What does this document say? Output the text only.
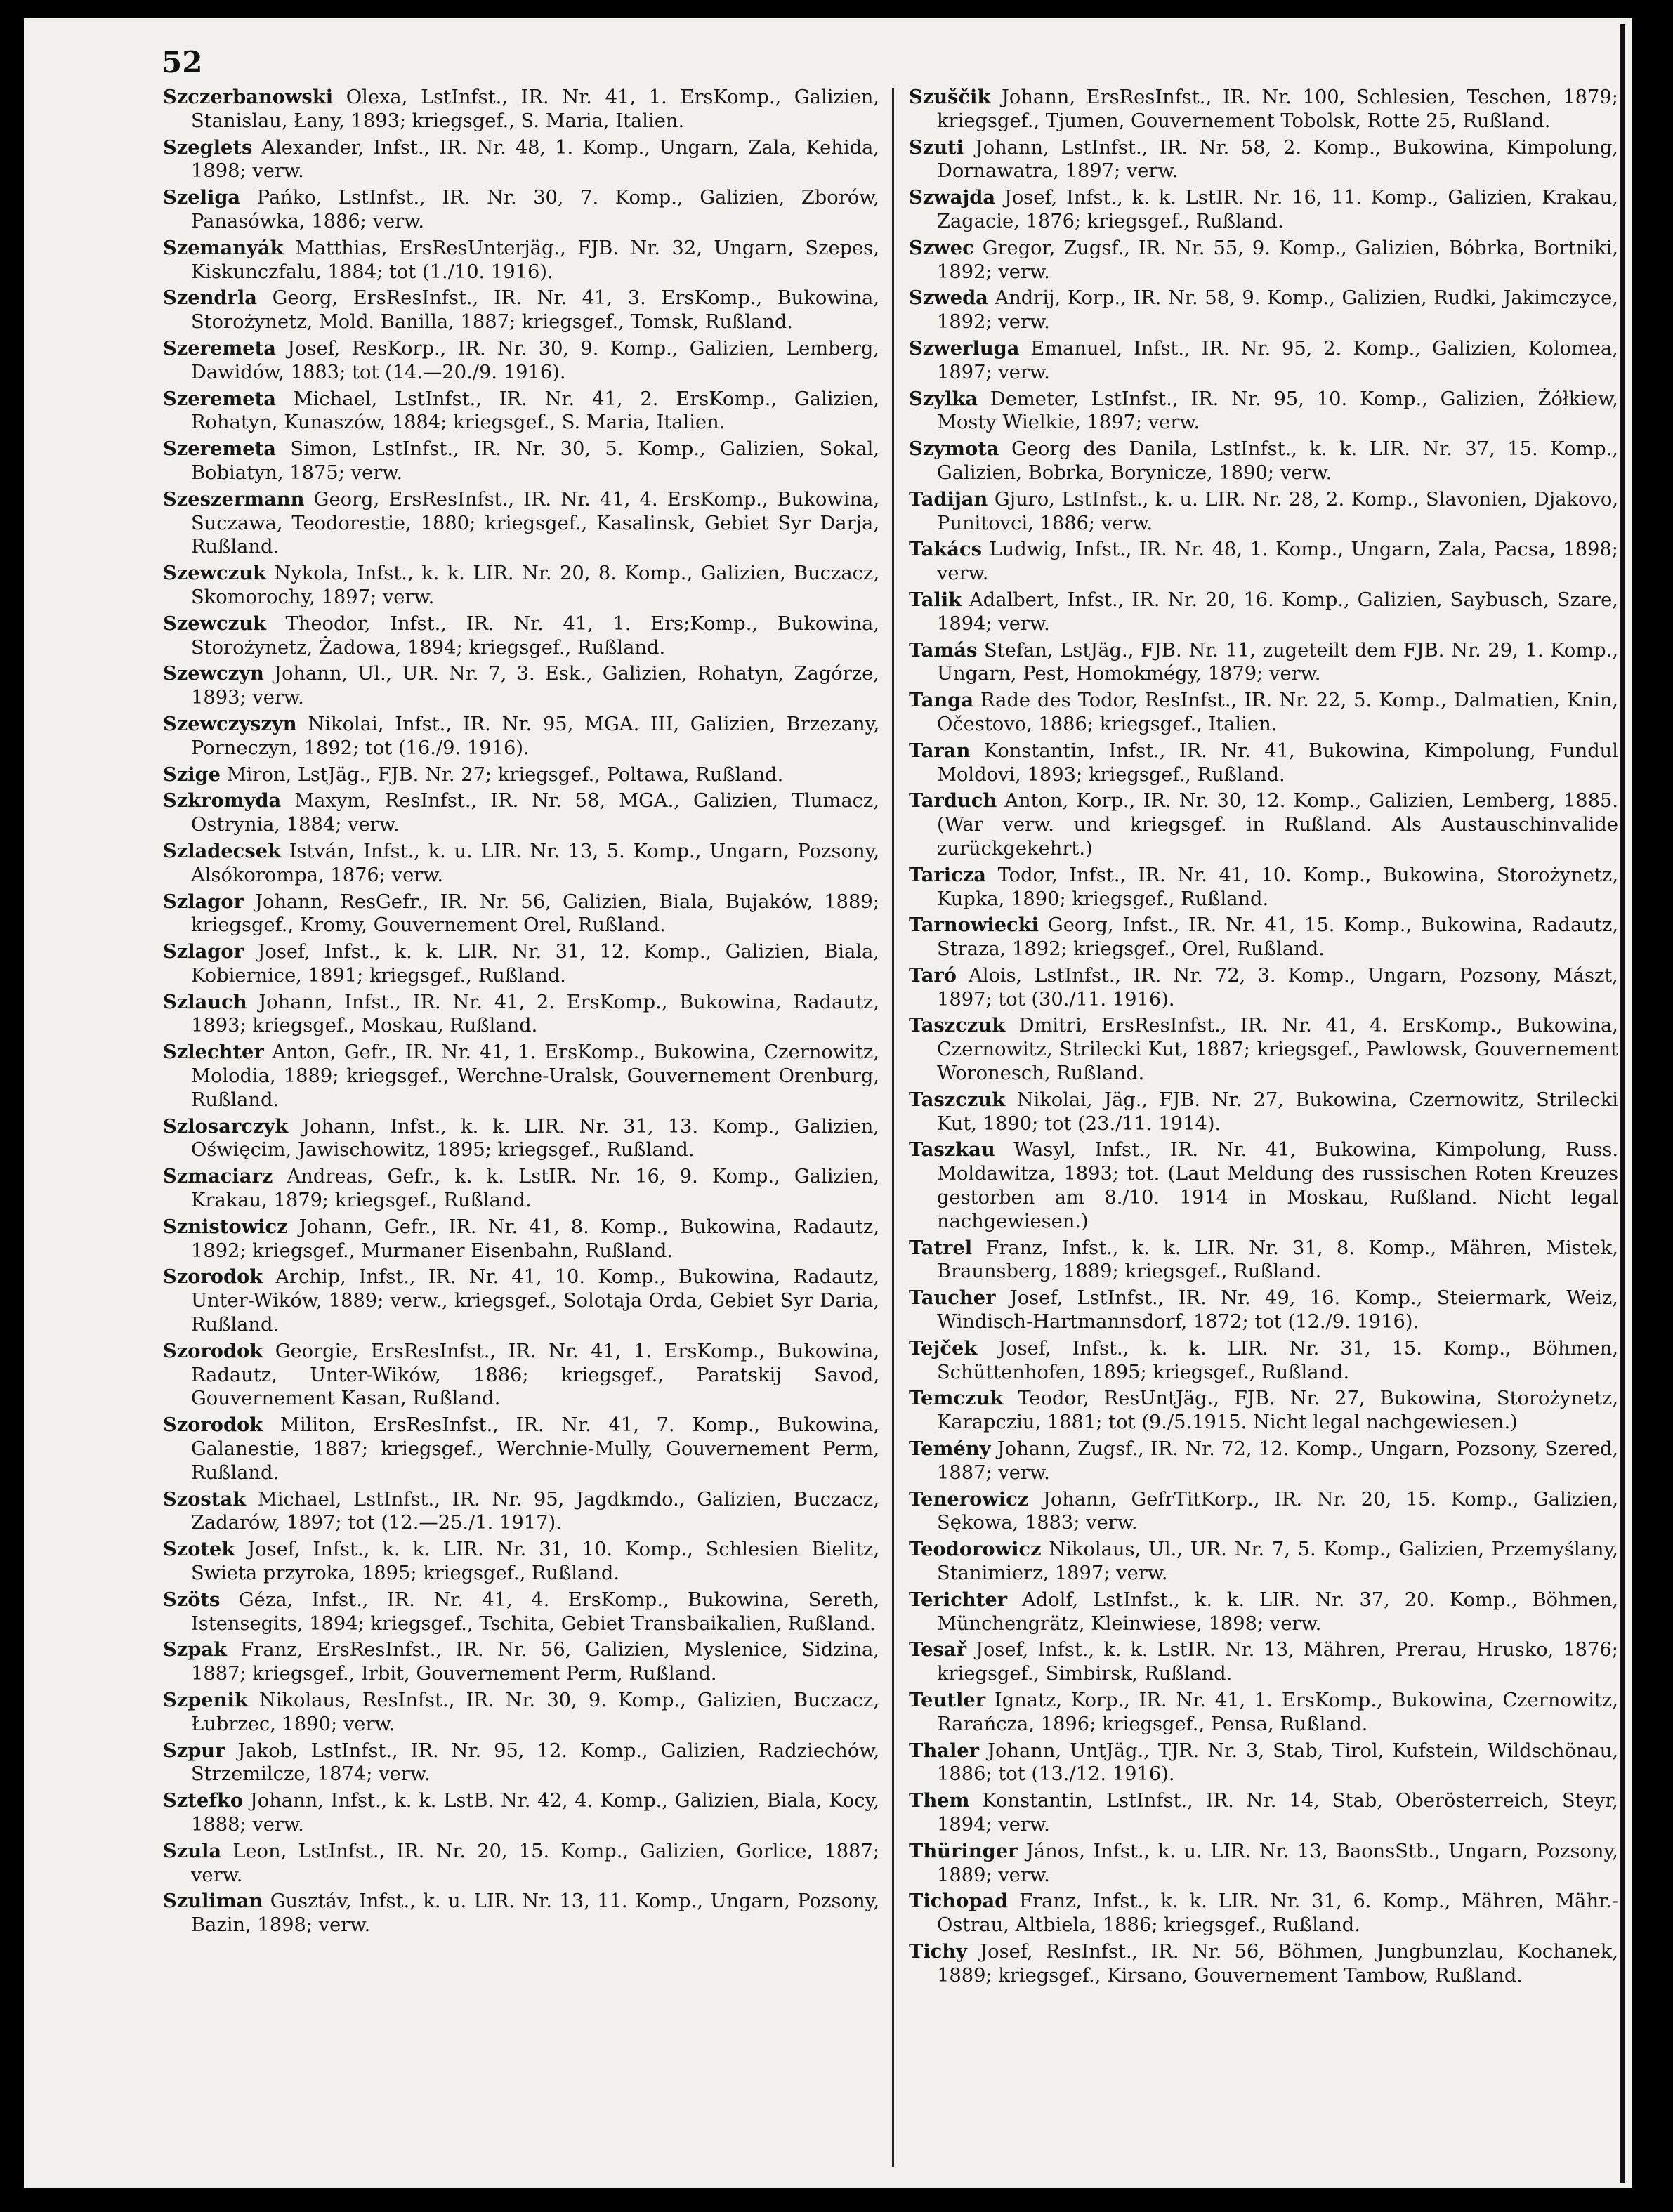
52

Szczerbanowski Olexa, LstInfst., IR. Nr. 41, 1. ErsKomp., Galizien, Stanislau, Łany, 1893; kriegsgef., S. Maria, Italien.

Szeglets Alexander, Infst., IR. Nr. 48, 1. Komp., Ungarn, Zala, Kehida, 1898; verw.

Szeliga Pańko, LstInfst., IR. Nr. 30, 7. Komp., Galizien, Zborów, Panasówka, 1886; verw.

Szemanyák Matthias, ErsResUnterjäg., FJB. Nr. 32, Ungarn, Szepes, Kiskunczfalu, 1884; tot (1./10. 1916).

Szendrla Georg, ErsResInfst., IR. Nr. 41, 3. ErsKomp., Bukowina, Storożynetz, Mold. Banilla, 1887; kriegsgef., Tomsk, Rußland.

Szeremeta Josef, ResKorp., IR. Nr. 30, 9. Komp., Galizien, Lemberg, Dawidów, 1883; tot (14.—20./9. 1916).

Szeremeta Michael, LstInfst., IR. Nr. 41, 2. ErsKomp., Galizien, Rohatyn, Kunaszów, 1884; kriegsgef., S. Maria, Italien.

Szeremeta Simon, LstInfst., IR. Nr. 30, 5. Komp., Galizien, Sokal, Bobiatyn, 1875; verw.

Szeszermann Georg, ErsResInfst., IR. Nr. 41, 4. ErsKomp., Bukowina, Suczawa, Teodorestie, 1880; kriegsgef., Kasalinsk, Gebiet Syr Darja, Rußland.

Szewczuk Nykola, Infst., k. k. LIR. Nr. 20, 8. Komp., Galizien, Buczacz, Skomorochy, 1897; verw.

Szewczuk Theodor, Infst., IR. Nr. 41, 1. Ers;Komp., Bukowina, Storożynetz, Żadowa, 1894; kriegsgef., Rußland.

Szewczyn Johann, Ul., UR. Nr. 7, 3. Esk., Galizien, Rohatyn, Zagórze, 1893; verw.

Szewczyszyn Nikolai, Infst., IR. Nr. 95, MGA. III, Galizien, Brzezany, Porneczyn, 1892; tot (16./9. 1916).

Szige Miron, LstJäg., FJB. Nr. 27; kriegsgef., Poltawa, Rußland.

Szkromyda Maxym, ResInfst., IR. Nr. 58, MGA., Galizien, Tlumacz, Ostrynia, 1884; verw.

Szladecsek István, Infst., k. u. LIR. Nr. 13, 5. Komp., Ungarn, Pozsony, Alsókorompa, 1876; verw.

Szlagor Johann, ResGefr., IR. Nr. 56, Galizien, Biala, Bujaków, 1889; kriegsgef., Kromy, Gouvernement Orel, Rußland.

Szlagor Josef, Infst., k. k. LIR. Nr. 31, 12. Komp., Galizien, Biala, Kobiernice, 1891; kriegsgef., Rußland.

Szlauch Johann, Infst., IR. Nr. 41, 2. ErsKomp., Bukowina, Radautz, 1893; kriegsgef., Moskau, Rußland.

Szlechter Anton, Gefr., IR. Nr. 41, 1. ErsKomp., Bukowina, Czernowitz, Molodia, 1889; kriegsgef., Werchne-Uralsk, Gouvernement Orenburg, Rußland.

Szlosarczyk Johann, Infst., k. k. LIR. Nr. 31, 13. Komp., Galizien, Oświęcim, Jawischowitz, 1895; kriegsgef., Rußland.

Szmaciarz Andreas, Gefr., k. k. LstIR. Nr. 16, 9. Komp., Galizien, Krakau, 1879; kriegsgef., Rußland.

Sznistowicz Johann, Gefr., IR. Nr. 41, 8. Komp., Bukowina, Radautz, 1892; kriegsgef., Murmaner Eisenbahn, Rußland.

Szorodok Archip, Infst., IR. Nr. 41, 10. Komp., Bukowina, Radautz, Unter-Wików, 1889; verw., kriegsgef., Solotaja Orda, Gebiet Syr Daria, Rußland.

Szorodok Georgie, ErsResInfst., IR. Nr. 41, 1. ErsKomp., Bukowina, Radautz, Unter-Wików, 1886; kriegsgef., Paratskij Savod, Gouvernement Kasan, Rußland.

Szorodok Militon, ErsResInfst., IR. Nr. 41, 7. Komp., Bukowina, Galanestie, 1887; kriegsgef., Werchnie-Mully, Gouvernement Perm, Rußland.

Szostak Michael, LstInfst., IR. Nr. 95, Jagdkmdo., Galizien, Buczacz, Zadarów, 1897; tot (12.—25./1. 1917).

Szotek Josef, Infst., k. k. LIR. Nr. 31, 10. Komp., Schlesien Bielitz, Swieta przyroka, 1895; kriegsgef., Rußland.

Szöts Géza, Infst., IR. Nr. 41, 4. ErsKomp., Bukowina, Sereth, Istensegits, 1894; kriegsgef., Tschita, Gebiet Transbaikalien, Rußland.

Szpak Franz, ErsResInfst., IR. Nr. 56, Galizien, Myslenice, Sidzina, 1887; kriegsgef., Irbit, Gouvernement Perm, Rußland.

Szpenik Nikolaus, ResInfst., IR. Nr. 30, 9. Komp., Galizien, Buczacz, Łubrzec, 1890; verw.

Szpur Jakob, LstInfst., IR. Nr. 95, 12. Komp., Galizien, Radziechów, Strzemilcze, 1874; verw.

Sztefko Johann, Infst., k. k. LstB. Nr. 42, 4. Komp., Galizien, Biala, Kocy, 1888; verw.

Szula Leon, LstInfst., IR. Nr. 20, 15. Komp., Galizien, Gorlice, 1887; verw.

Szuliman Gusztáv, Infst., k. u. LIR. Nr. 13, 11. Komp., Ungarn, Pozsony, Bazin, 1898; verw.

Szuščik Johann, ErsResInfst., IR. Nr. 100, Schlesien, Teschen, 1879; kriegsgef., Tjumen, Gouvernement Tobolsk, Rotte 25, Rußland.

Szuti Johann, LstInfst., IR. Nr. 58, 2. Komp., Bukowina, Kimpolung, Dornawatra, 1897; verw.

Szwajda Josef, Infst., k. k. LstIR. Nr. 16, 11. Komp., Galizien, Krakau, Zagacie, 1876; kriegsgef., Rußland.

Szwec Gregor, Zugsf., IR. Nr. 55, 9. Komp., Galizien, Bóbrka, Bortniki, 1892; verw.

Szweda Andrij, Korp., IR. Nr. 58, 9. Komp., Galizien, Rudki, Jakimczyce, 1892; verw.

Szwerluga Emanuel, Infst., IR. Nr. 95, 2. Komp., Galizien, Kolomea, 1897; verw.

Szylka Demeter, LstInfst., IR. Nr. 95, 10. Komp., Galizien, Żółkiew, Mosty Wielkie, 1897; verw.

Szymota Georg des Danila, LstInfst., k. k. LIR. Nr. 37, 15. Komp., Galizien, Bobrka, Borynicze, 1890; verw.

Tadijan Gjuro, LstInfst., k. u. LIR. Nr. 28, 2. Komp., Slavonien, Djakovo, Punitovci, 1886; verw.

Takács Ludwig, Infst., IR. Nr. 48, 1. Komp., Ungarn, Zala, Pacsa, 1898; verw.

Talik Adalbert, Infst., IR. Nr. 20, 16. Komp., Galizien, Saybusch, Szare, 1894; verw.

Tamás Stefan, LstJäg., FJB. Nr. 11, zugeteilt dem FJB. Nr. 29, 1. Komp., Ungarn, Pest, Homokmégy, 1879; verw.

Tanga Rade des Todor, ResInfst., IR. Nr. 22, 5. Komp., Dalmatien, Knin, Očestovo, 1886; kriegsgef., Italien.

Taran Konstantin, Infst., IR. Nr. 41, Bukowina, Kimpolung, Fundul Moldovi, 1893; kriegsgef., Rußland.

Tarduch Anton, Korp., IR. Nr. 30, 12. Komp., Galizien, Lemberg, 1885. (War verw. und kriegsgef. in Rußland. Als Austauschinvalide zurückgekehrt.)

Taricza Todor, Infst., IR. Nr. 41, 10. Komp., Bukowina, Storożynetz, Kupka, 1890; kriegsgef., Rußland.

Tarnowiecki Georg, Infst., IR. Nr. 41, 15. Komp., Bukowina, Radautz, Straza, 1892; kriegsgef., Orel, Rußland.

Taró Alois, LstInfst., IR. Nr. 72, 3. Komp., Ungarn, Pozsony, Mászt, 1897; tot (30./11. 1916).

Taszczuk Dmitri, ErsResInfst., IR. Nr. 41, 4. ErsKomp., Bukowina, Czernowitz, Strilecki Kut, 1887; kriegsgef., Pawlowsk, Gouvernement Woronesch, Rußland.

Taszczuk Nikolai, Jäg., FJB. Nr. 27, Bukowina, Czernowitz, Strilecki Kut, 1890; tot (23./11. 1914).

Taszkau Wasyl, Infst., IR. Nr. 41, Bukowina, Kimpolung, Russ. Moldawitza, 1893; tot. (Laut Meldung des russischen Roten Kreuzes gestorben am 8./10. 1914 in Moskau, Rußland. Nicht legal nachgewiesen.)

Tatrel Franz, Infst., k. k. LIR. Nr. 31, 8. Komp., Mähren, Mistek, Braunsberg, 1889; kriegsgef., Rußland.

Taucher Josef, LstInfst., IR. Nr. 49, 16. Komp., Steiermark, Weiz, Windisch-Hartmannsdorf, 1872; tot (12./9. 1916).

Tejček Josef, Infst., k. k. LIR. Nr. 31, 15. Komp., Böhmen, Schüttenhofen, 1895; kriegsgef., Rußland.

Temczuk Teodor, ResUntJäg., FJB. Nr. 27, Bukowina, Storożynetz, Karapcziu, 1881; tot (9./5.1915. Nicht legal nachgewiesen.)

Temény Johann, Zugsf., IR. Nr. 72, 12. Komp., Ungarn, Pozsony, Szered, 1887; verw.

Tenerowicz Johann, GefrTitKorp., IR. Nr. 20, 15. Komp., Galizien, Sękowa, 1883; verw.

Teodorowicz Nikolaus, Ul., UR. Nr. 7, 5. Komp., Galizien, Przemyślany, Stanimierz, 1897; verw.

Terichter Adolf, LstInfst., k. k. LIR. Nr. 37, 20. Komp., Böhmen, Münchengrätz, Kleinwiese, 1898; verw.

Tesař Josef, Infst., k. k. LstIR. Nr. 13, Mähren, Prerau, Hrusko, 1876; kriegsgef., Simbirsk, Rußland.

Teutler Ignatz, Korp., IR. Nr. 41, 1. ErsKomp., Bukowina, Czernowitz, Rarańcza, 1896; kriegsgef., Pensa, Rußland.

Thaler Johann, UntJäg., TJR. Nr. 3, Stab, Tirol, Kufstein, Wildschönau, 1886; tot (13./12. 1916).

Them Konstantin, LstInfst., IR. Nr. 14, Stab, Oberösterreich, Steyr, 1894; verw.

Thüringer János, Infst., k. u. LIR. Nr. 13, BaonsStb., Ungarn, Pozsony, 1889; verw.

Tichopad Franz, Infst., k. k. LIR. Nr. 31, 6. Komp., Mähren, Mähr.-Ostrau, Altbiela, 1886; kriegsgef., Rußland.

Tichy Josef, ResInfst., IR. Nr. 56, Böhmen, Jungbunzlau, Kochanek, 1889; kriegsgef., Kirsano, Gouvernement Tambow, Rußland.
